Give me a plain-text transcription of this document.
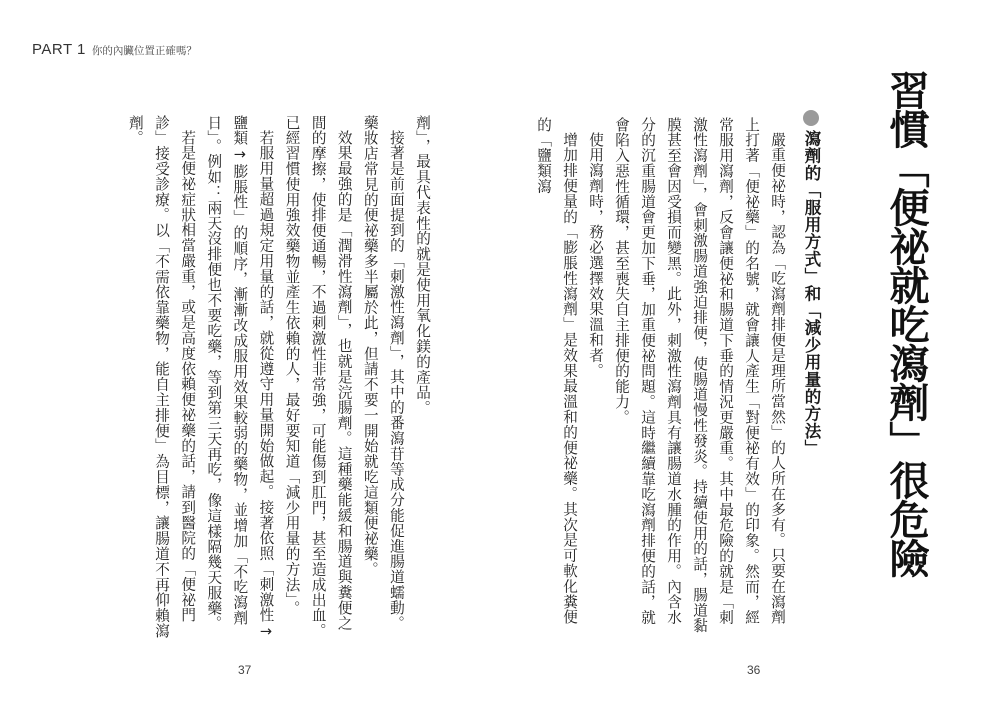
PART 1 你的內臟位置正確嗎？
習慣「便祕就吃瀉劑」很危險
瀉劑的「服用方式」和「減少用量的方法」

嚴重便祕時，認為「吃瀉劑排便是理所當然」的人所在多有。只要在瀉劑上打著「便祕藥」的名號，就會讓人產生「對便祕有效」的印象。然而，經常服用瀉劑，反會讓便祕和腸道下垂的情況更嚴重。其中最危險的就是「刺激性瀉劑」，會刺激腸道強迫排便，使腸道慢性發炎。持續使用的話，腸道黏膜甚至會因受損而變黑。此外，刺激性瀉劑具有讓腸道水腫的作用。內含水分的沉重腸道會更加下垂，加重便祕問題。這時繼續靠吃瀉劑排便的話，就會陷入惡性循環，甚至喪失自主排便的能力。

使用瀉劑時，務必選擇效果溫和者。

增加排便量的「膨脹性瀉劑」是效果最溫和的便祕藥。其次是可軟化糞便的「鹽類瀉

劑」，最具代表性的就是使用氧化鎂的產品。

接著是前面提到的「刺激性瀉劑」，其中的番瀉苷等成分能促進腸道蠕動。藥妝店常見的便祕藥多半屬於此，但請不要一開始就吃這類便祕藥。

效果最強的是「潤滑性瀉劑」，也就是浣腸劑。這種藥能緩和腸道與糞便之間的摩擦，使排便通暢，不過刺激性非常強，可能傷到肛門，甚至造成出血。已經習慣使用強效藥物並產生依賴的人，最好要知道「減少用量的方法」。

若服用量超過規定用量的話，就從遵守用量開始做起。接著依照「刺激性→鹽類→膨脹性」的順序，漸漸改成服用效果較弱的藥物，並增加「不吃瀉劑日」。例如：兩天沒排便也不要吃藥，等到第三天再吃，像這樣隔幾天服藥。

若是便祕症狀相當嚴重，或是高度依賴便祕藥的話，請到醫院的「便祕門診」接受診療。以「不需依靠藥物，能自主排便」為目標，讓腸道不再仰賴瀉劑。

37	36
